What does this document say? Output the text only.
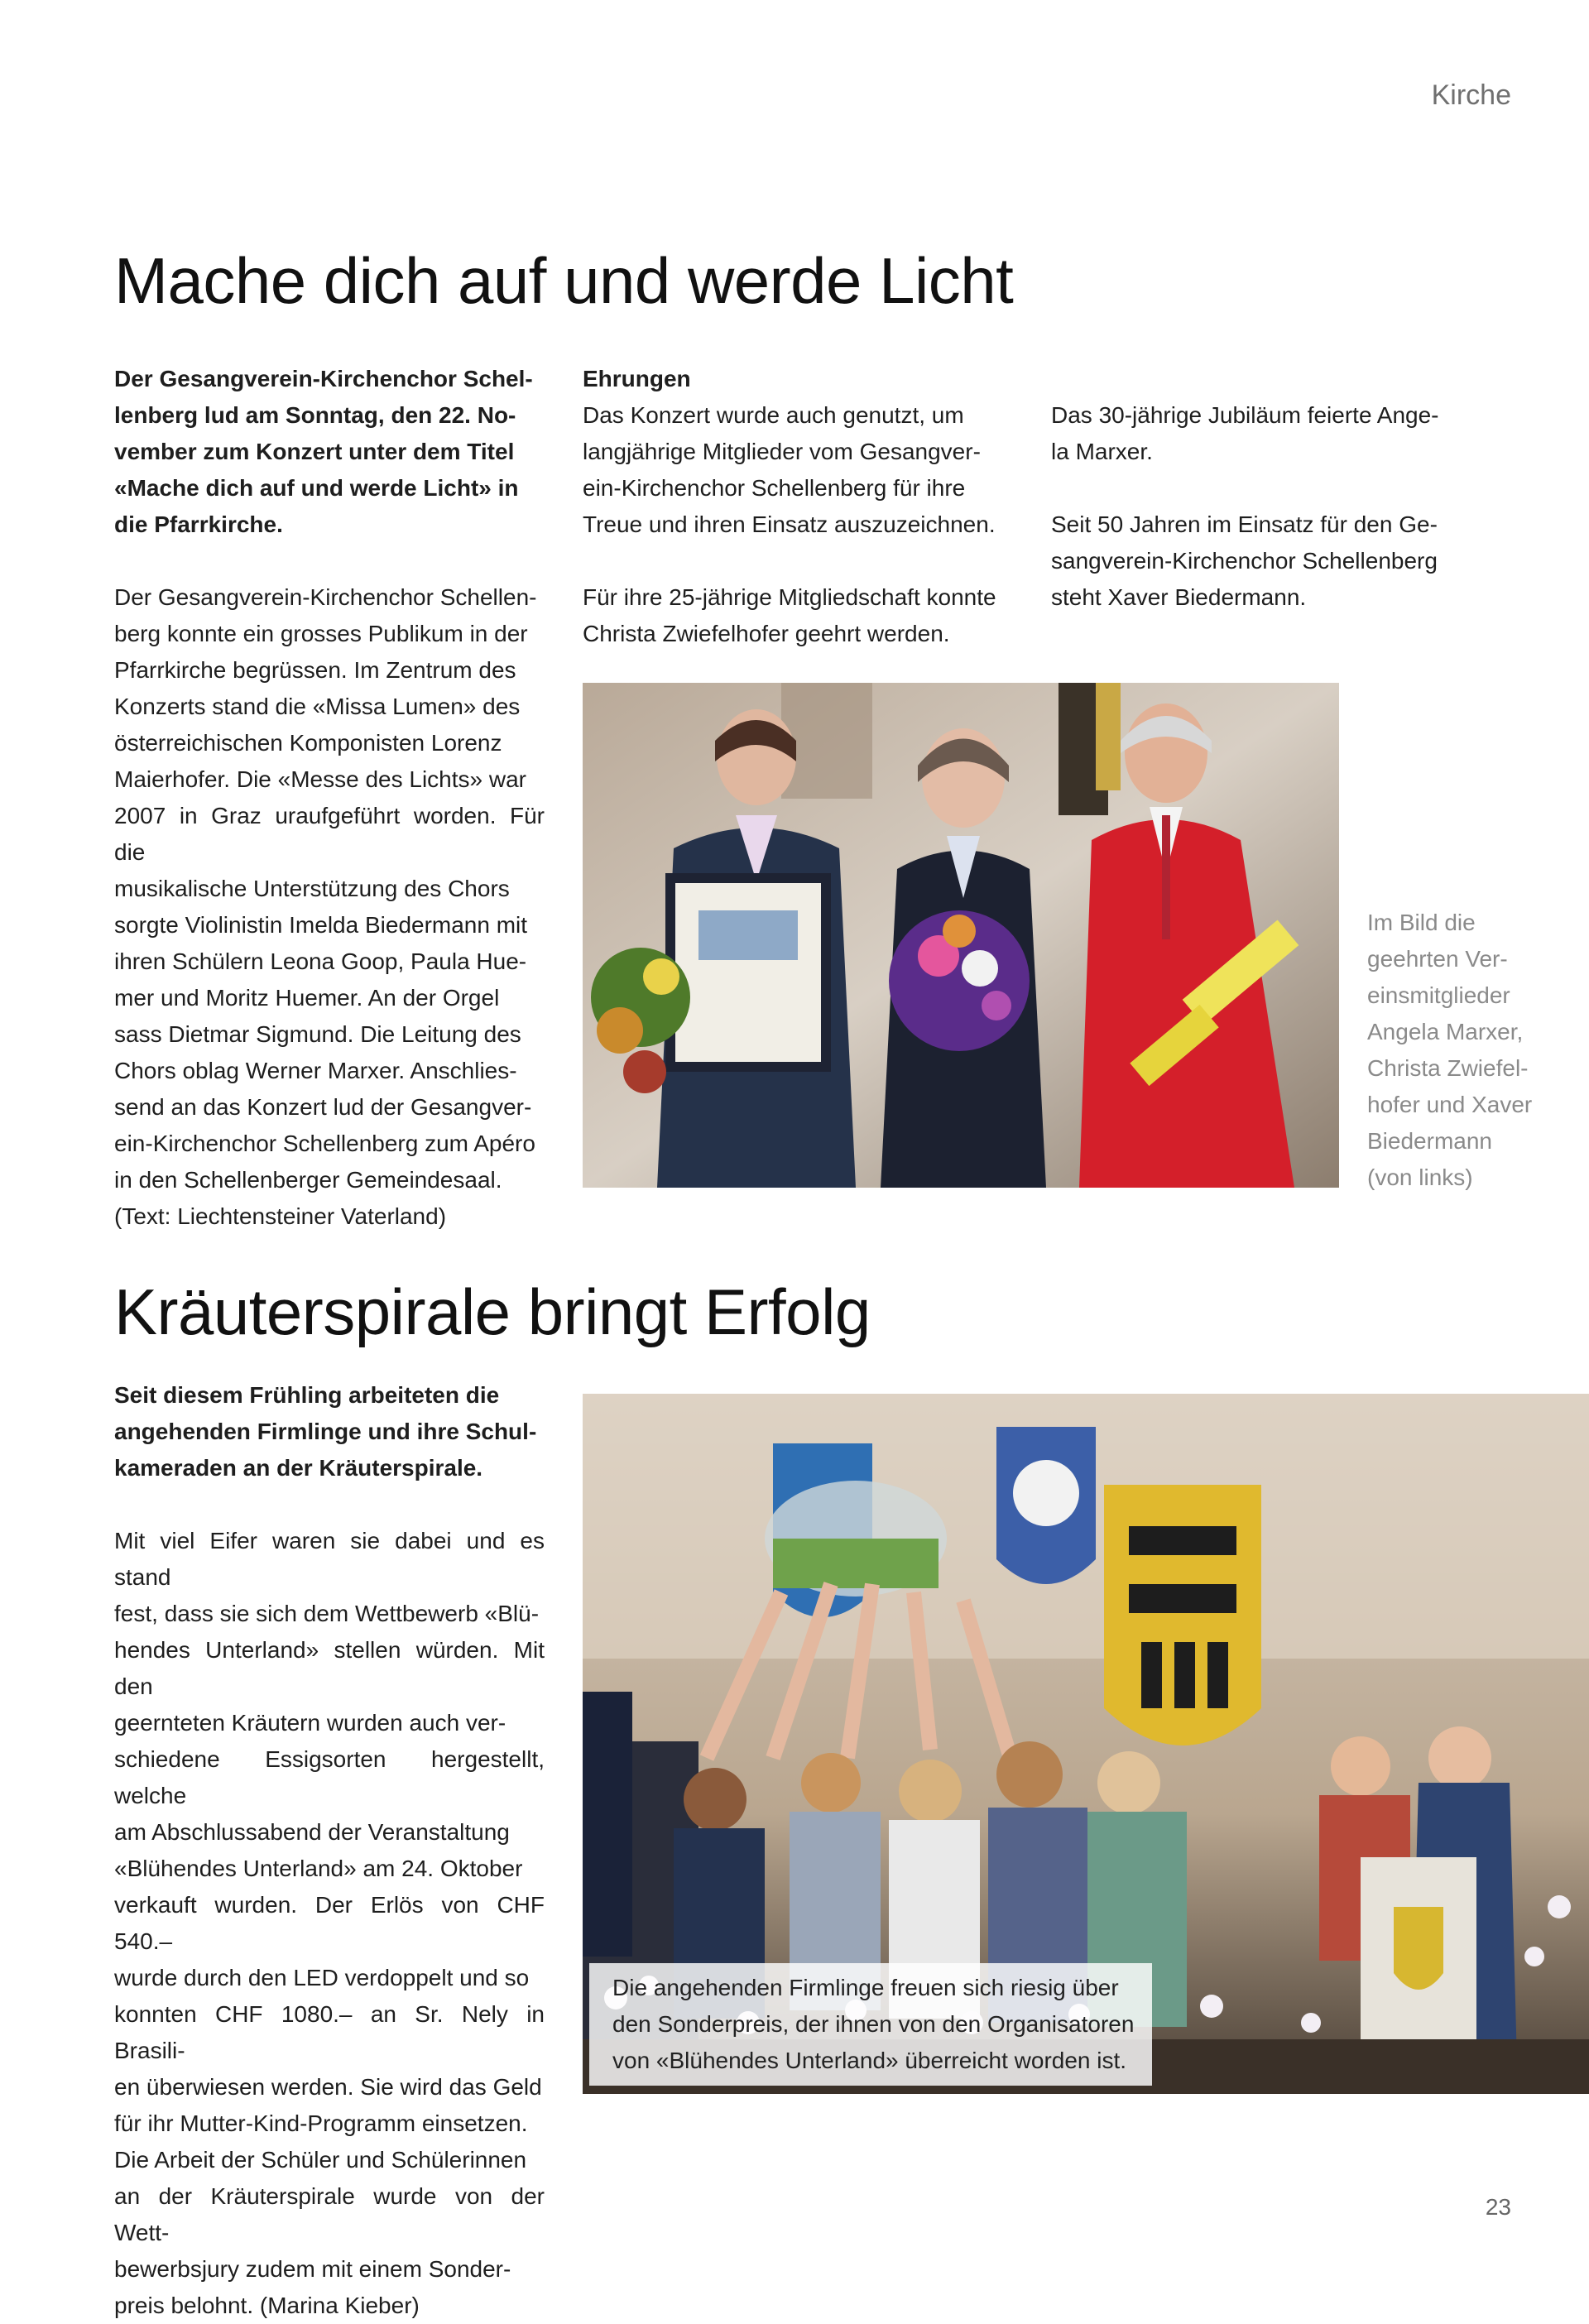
Kirche
Mache dich auf und werde Licht
Der Gesangverein-Kirchenchor Schel-
lenberg lud am Sonntag, den 22. No-
vember zum Konzert unter dem Titel
«Mache dich auf und werde Licht» in
die Pfarrkirche.
Der Gesangverein-Kirchenchor Schellen-
berg konnte ein grosses Publikum in der
Pfarrkirche begrüssen. Im Zentrum des
Konzerts stand die «Missa Lumen» des
österreichischen Komponisten Lorenz
Maierhofer. Die «Messe des Lichts» war
2007 in Graz uraufgeführt worden. Für die
musikalische Unterstützung des Chors
sorgte Violinistin Imelda Biedermann mit
ihren Schülern Leona Goop, Paula Hue-
mer und Moritz Huemer. An der Orgel
sass Dietmar Sigmund. Die Leitung des
Chors oblag Werner Marxer. Anschlies-
send an das Konzert lud der Gesangver-
ein-Kirchenchor Schellenberg zum Apéro
in den Schellenberger Gemeindesaal.
(Text: Liechtensteiner Vaterland)
Ehrungen
Das Konzert wurde auch genutzt, um
langjährige Mitglieder vom Gesangver-
ein-Kirchenchor Schellenberg für ihre
Treue und ihren Einsatz auszuzeichnen.
Für ihre 25-jährige Mitgliedschaft konnte
Christa Zwiefelhofer geehrt werden.
Das 30-jährige Jubiläum feierte Ange-
la Marxer.
Seit 50 Jahren im Einsatz für den Ge-
sangverein-Kirchenchor Schellenberg
steht Xaver Biedermann.
Im Bild die
geehrten Ver-
einsmitglieder
Angela Marxer,
Christa Zwiefel-
hofer und Xaver
Biedermann
(von links)
Kräuterspirale bringt Erfolg
Seit diesem Frühling arbeiteten die
angehenden Firmlinge und ihre Schul-
kameraden an der Kräuterspirale.
Mit viel Eifer waren sie dabei und es stand
fest, dass sie sich dem Wettbewerb «Blü-
hendes Unterland» stellen würden. Mit den
geernteten Kräutern wurden auch ver-
schiedene Essigsorten hergestellt, welche
am Abschlussabend der Veranstaltung
«Blühendes Unterland» am 24. Oktober
verkauft wurden. Der Erlös von CHF 540.–
wurde durch den LED verdoppelt und so
konnten CHF 1080.– an Sr. Nely in Brasili-
en überwiesen werden. Sie wird das Geld
für ihr Mutter-Kind-Programm einsetzen.
Die Arbeit der Schüler und Schülerinnen
an der Kräuterspirale wurde von der Wett-
bewerbsjury zudem mit einem Sonder-
preis belohnt. (Marina Kieber)
Die angehenden Firmlinge freuen sich riesig über
den Sonderpreis, der ihnen von den Organisatoren
von «Blühendes Unterland» überreicht worden ist.
23
